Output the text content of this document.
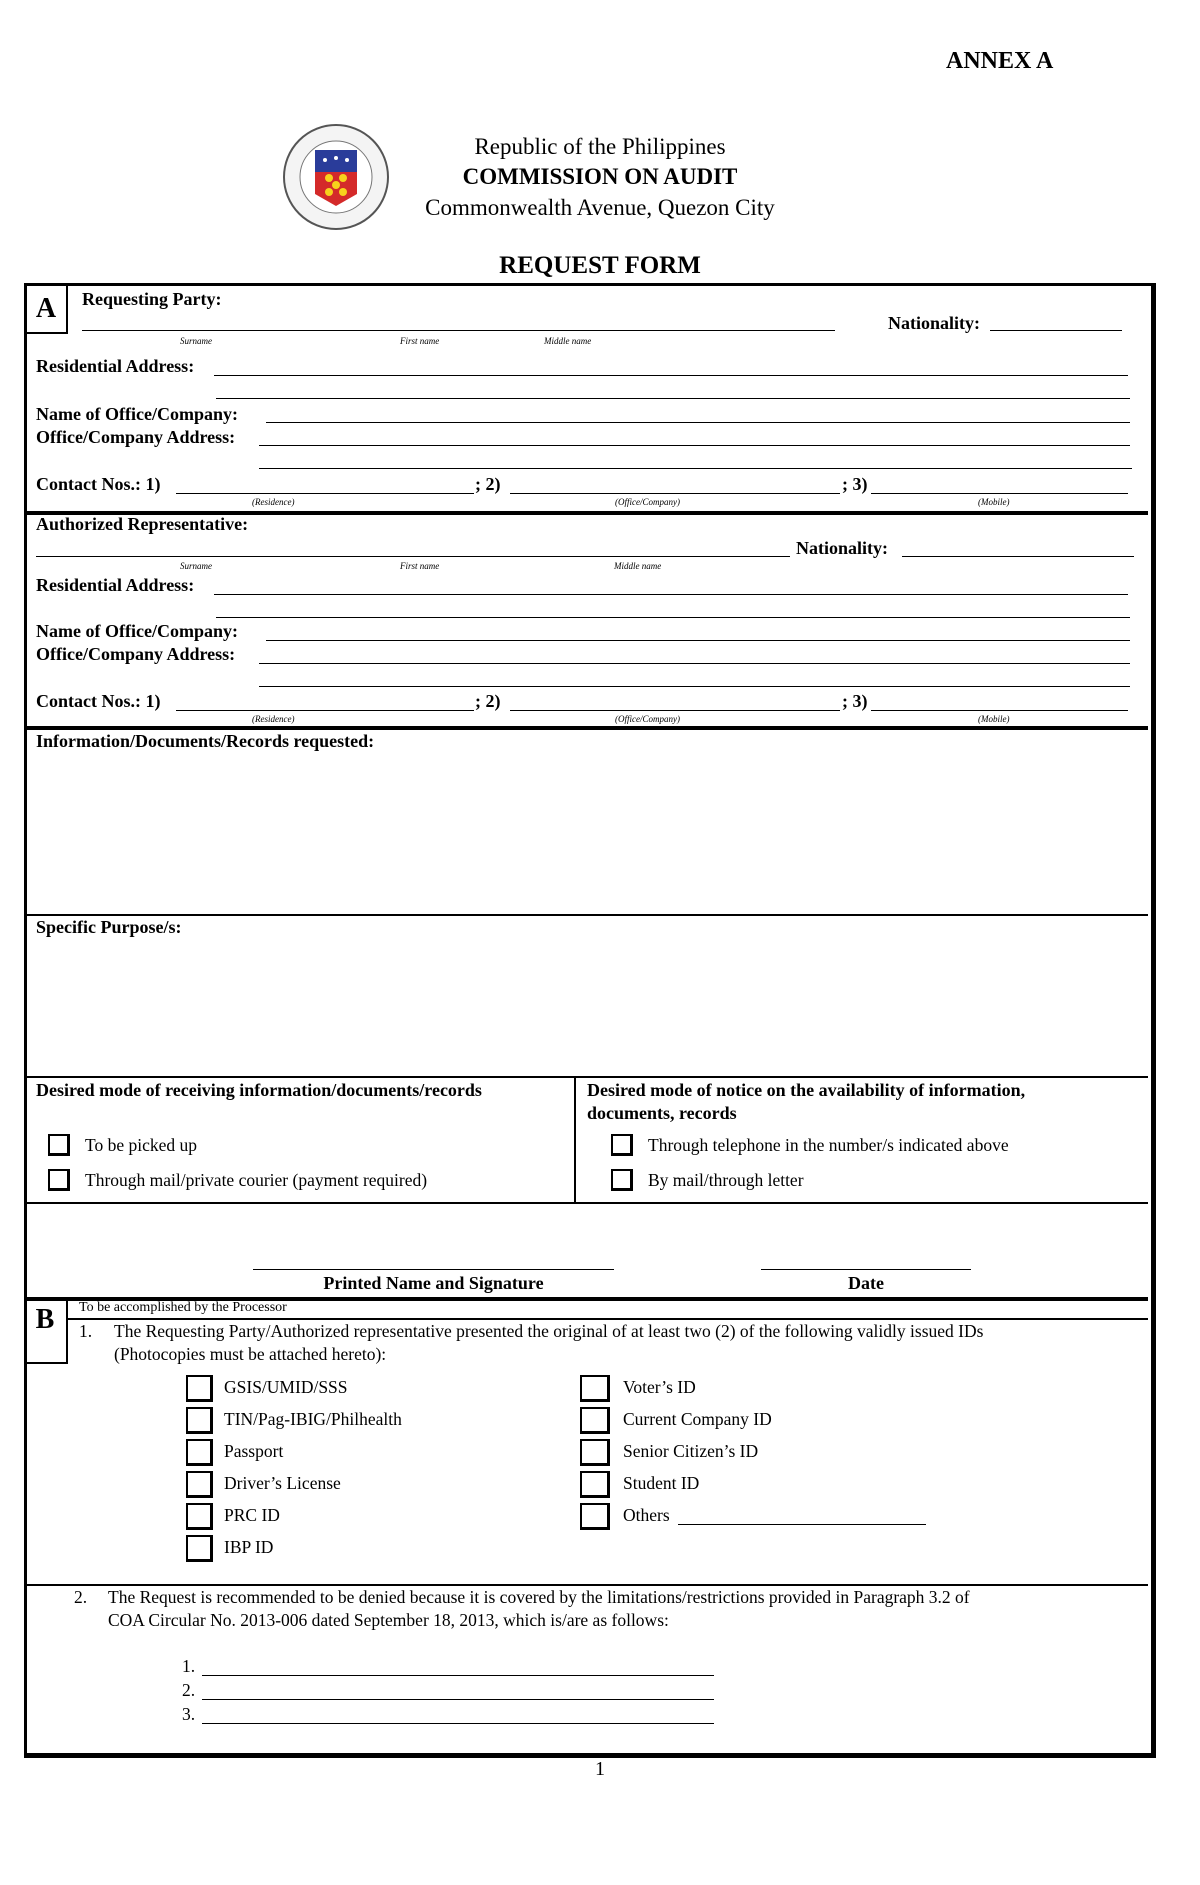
ANNEX A
Republic of the Philippines
COMMISSION ON AUDIT
Commonwealth Avenue, Quezon City
REQUEST FORM
A	Requesting Party:
Nationality:
Surname	First name	Middle name
Residential Address:
Name of Office/Company:
Office/Company Address:
Contact Nos.: 1)	; 2)	; 3)
(Residence)	(Office/Company)	(Mobile)
Authorized Representative:
Nationality:
Surname	First name	Middle name
Residential Address:
Name of Office/Company:
Office/Company Address:
Contact Nos.: 1)	; 2)	; 3)
(Residence)	(Office/Company)	(Mobile)
Information/Documents/Records requested:
Specific Purpose/s:
Desired mode of receiving information/documents/records
To be picked up
Through mail/private courier (payment required)
Desired mode of notice on the availability of information,
documents, records
Through telephone in the number/s indicated above
By mail/through letter
Printed Name and Signature	Date
B	To be accomplished by the Processor
1. The Requesting Party/Authorized representative presented the original of at least two (2) of the following validly issued IDs
(Photocopies must be attached hereto):
GSIS/UMID/SSS
TIN/Pag-IBIG/Philhealth
Passport
Driver’s License
PRC ID
IBP ID
Voter’s ID
Current Company ID
Senior Citizen’s ID
Student ID
Others
2. The Request is recommended to be denied because it is covered by the limitations/restrictions provided in Paragraph 3.2 of
COA Circular No. 2013-006 dated September 18, 2013, which is/are as follows:
1.
2.
3.
1
